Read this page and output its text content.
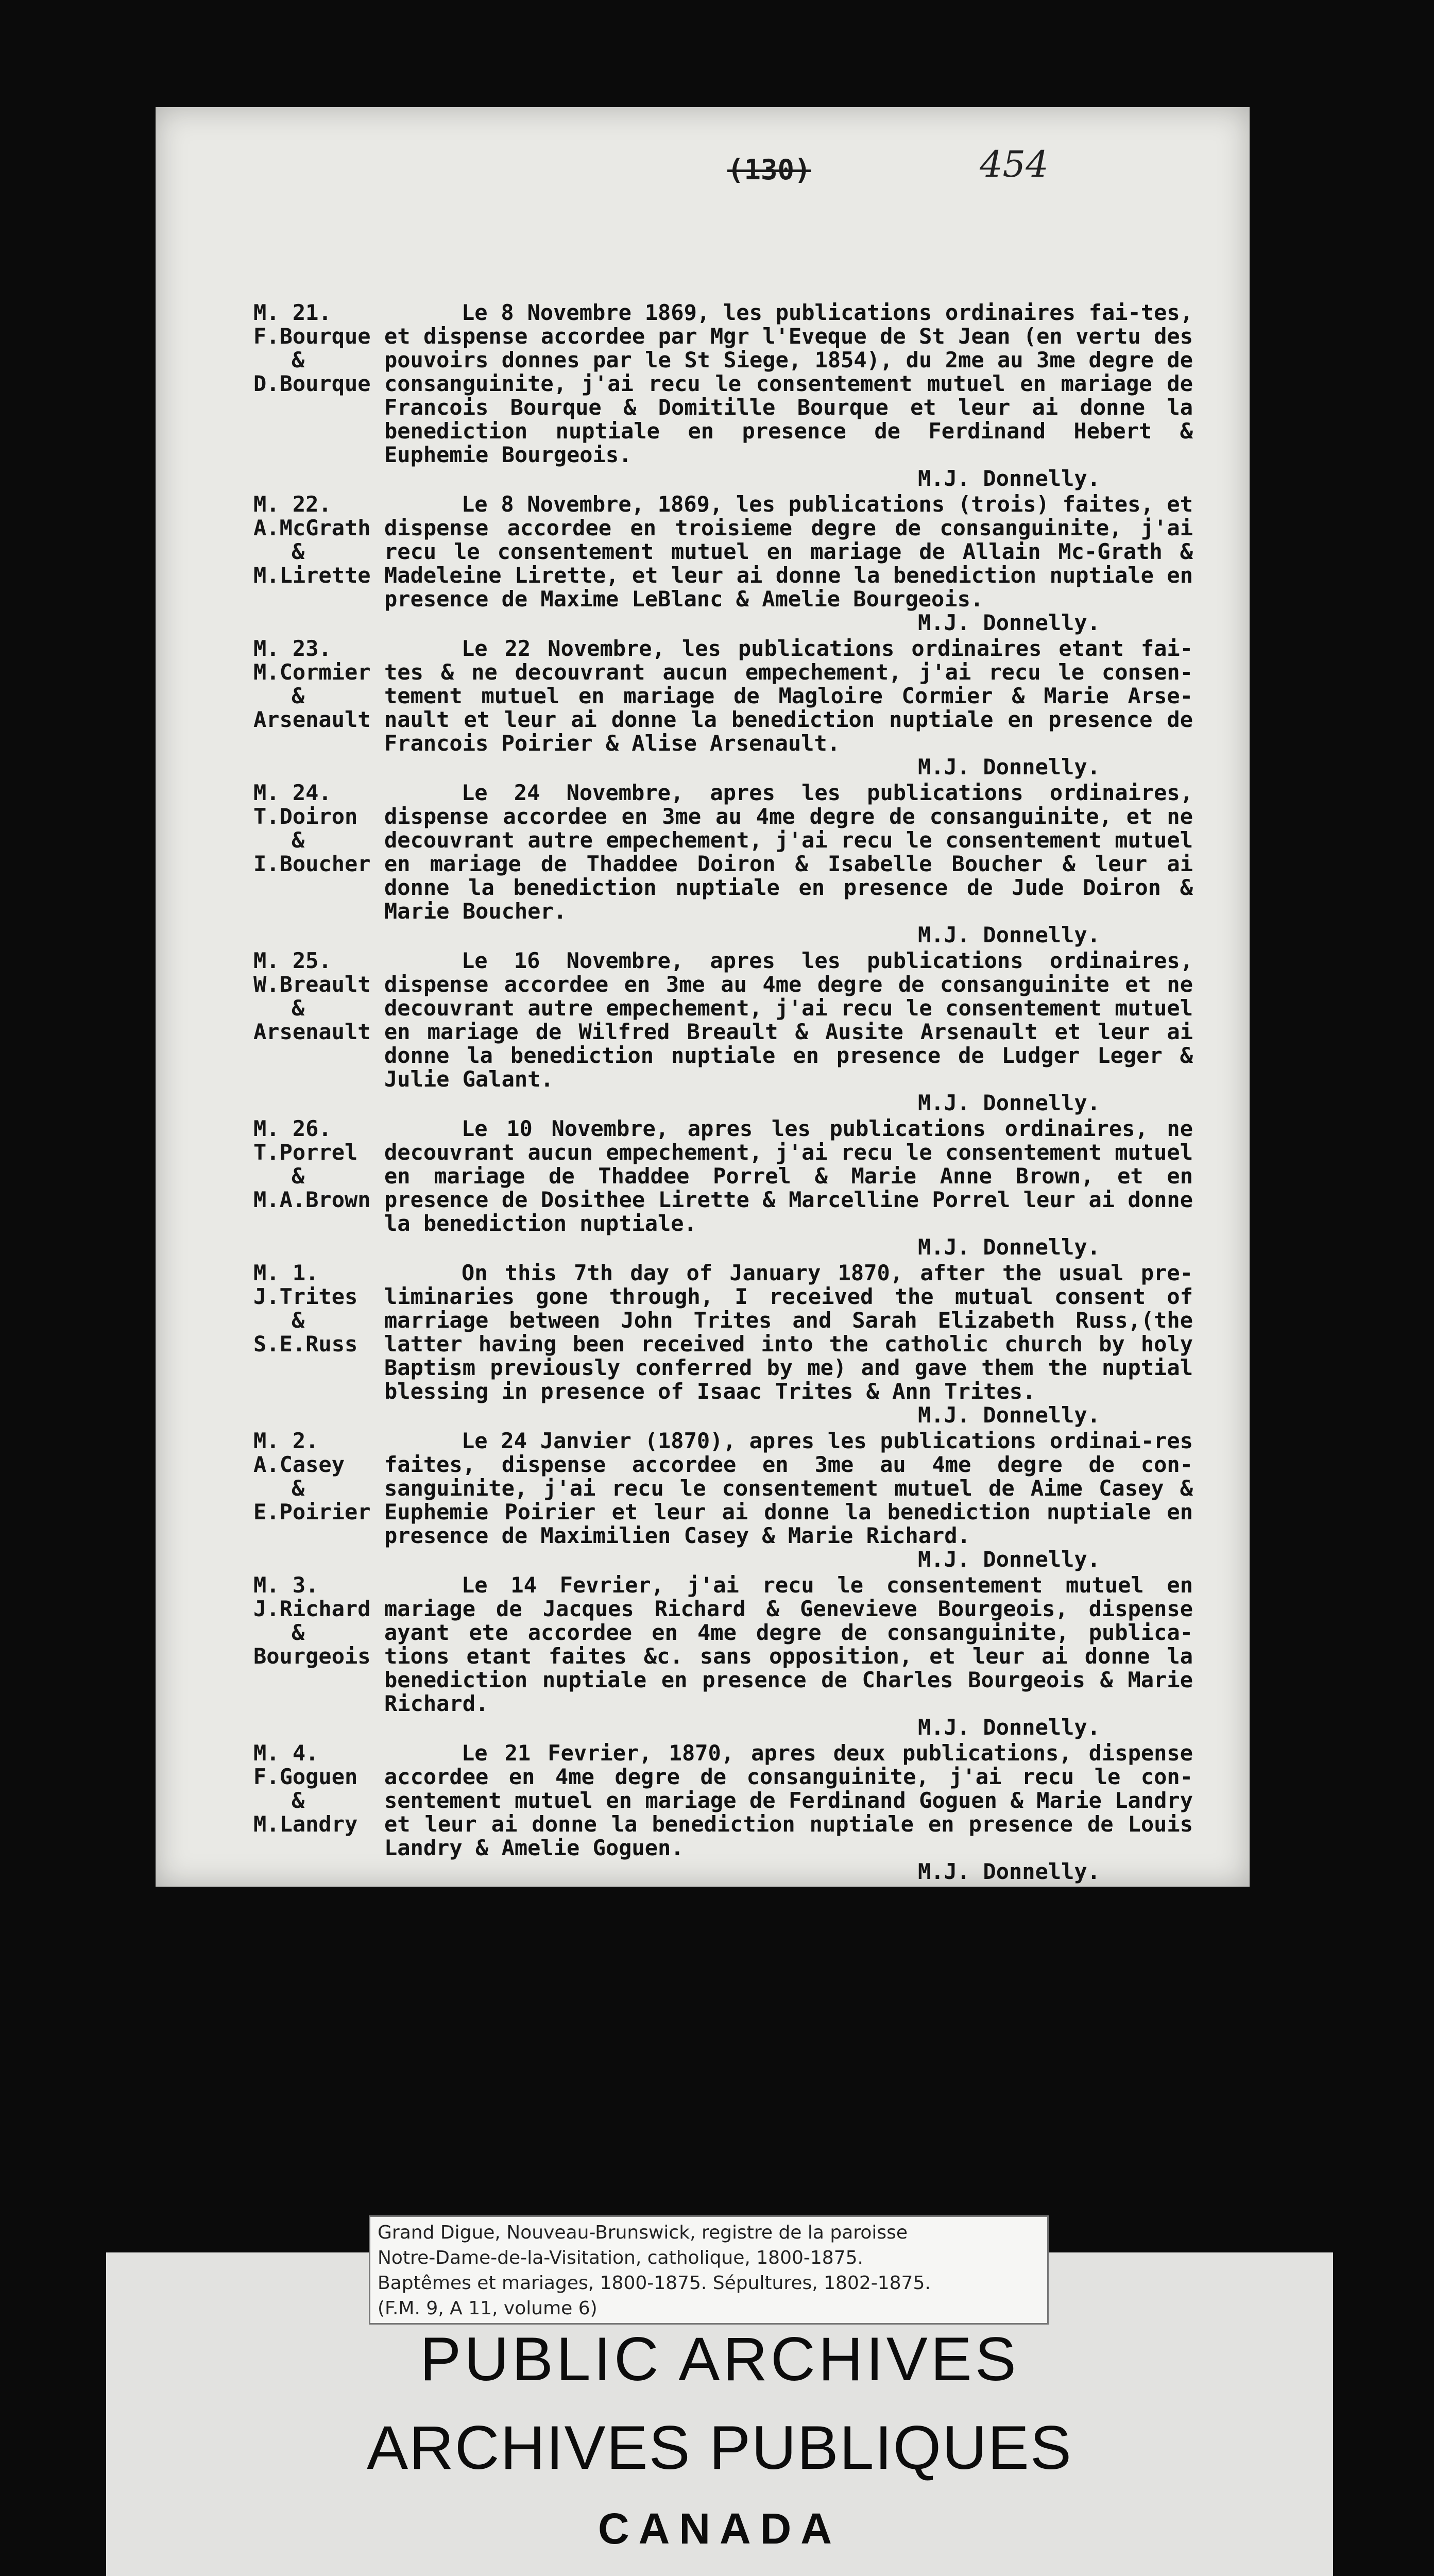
(130)	454
M. 21.
F.Bourque
&
D.Bourque
Le 8 Novembre 1869, les publications ordinaires fai-tes, et dispense accordee par Mgr l'Eveque de St Jean (en vertu des pouvoirs donnes par le St Siege, 1854), du 2me au 3me degre de consanguinite, j'ai recu le consentement mutuel en mariage de Francois Bourque & Domitille Bourque et leur ai donne la benediction nuptiale en presence de Ferdinand Hebert & Euphemie Bourgeois.
M.J. Donnelly.
M. 22.
A.McGrath
&
M.Lirette
Le 8 Novembre, 1869, les publications (trois) faites, et dispense accordee en troisieme degre de consanguinite, j'ai recu le consentement mutuel en mariage de Allain Mc-Grath & Madeleine Lirette, et leur ai donne la benediction nuptiale en presence de Maxime LeBlanc & Amelie Bourgeois.
M.J. Donnelly.
M. 23.
M.Cormier
&
Arsenault
Le 22 Novembre, les publications ordinaires etant fai-tes & ne decouvrant aucun empechement, j'ai recu le consen-tement mutuel en mariage de Magloire Cormier & Marie Arse-nault et leur ai donne la benediction nuptiale en presence de Francois Poirier & Alise Arsenault.
M.J. Donnelly.
M. 24.
T.Doiron
&
I.Boucher
Le 24 Novembre, apres les publications ordinaires, dispense accordee en 3me au 4me degre de consanguinite, et ne decouvrant autre empechement, j'ai recu le consentement mutuel en mariage de Thaddee Doiron & Isabelle Boucher & leur ai donne la benediction nuptiale en presence de Jude Doiron & Marie Boucher.
M.J. Donnelly.
M. 25.
W.Breault
&
Arsenault
Le 16 Novembre, apres les publications ordinaires, dispense accordee en 3me au 4me degre de consanguinite et ne decouvrant autre empechement, j'ai recu le consentement mutuel en mariage de Wilfred Breault & Ausite Arsenault et leur ai donne la benediction nuptiale en presence de Ludger Leger & Julie Galant.
M.J. Donnelly.
M. 26.
T.Porrel
&
M.A.Brown
Le 10 Novembre, apres les publications ordinaires, ne decouvrant aucun empechement, j'ai recu le consentement mutuel en mariage de Thaddee Porrel & Marie Anne Brown, et en presence de Dosithee Lirette & Marcelline Porrel leur ai donne la benediction nuptiale.
M.J. Donnelly.
M. 1.
J.Trites
&
S.E.Russ
On this 7th day of January 1870, after the usual pre-liminaries gone through, I received the mutual consent of marriage between John Trites and Sarah Elizabeth Russ,(the latter having been received into the catholic church by holy Baptism previously conferred by me) and gave them the nuptial blessing in presence of Isaac Trites & Ann Trites.
M.J. Donnelly.
M. 2.
A.Casey
&
E.Poirier
Le 24 Janvier (1870), apres les publications ordinai-res faites, dispense accordee en 3me au 4me degre de con-sanguinite, j'ai recu le consentement mutuel de Aime Casey & Euphemie Poirier et leur ai donne la benediction nuptiale en presence de Maximilien Casey & Marie Richard.
M.J. Donnelly.
M. 3.
J.Richard
&
Bourgeois
Le 14 Fevrier, j'ai recu le consentement mutuel en mariage de Jacques Richard & Genevieve Bourgeois, dispense ayant ete accordee en 4me degre de consanguinite, publica-tions etant faites &c. sans opposition, et leur ai donne la benediction nuptiale en presence de Charles Bourgeois & Marie Richard.
M.J. Donnelly.
M. 4.
F.Goguen
&
M.Landry
Le 21 Fevrier, 1870, apres deux publications, dispense accordee en 4me degre de consanguinite, j'ai recu le con-sentement mutuel en mariage de Ferdinand Goguen & Marie Landry et leur ai donne la benediction nuptiale en presence de Louis Landry & Amelie Goguen.
M.J. Donnelly.
Grand Digue, Nouveau-Brunswick, registre de la paroisse
Notre-Dame-de-la-Visitation, catholique, 1800-1875.
Baptêmes et mariages, 1800-1875. Sépultures, 1802-1875.
(F.M. 9, A 11, volume 6)
PUBLIC ARCHIVES
ARCHIVES PUBLIQUES
CANADA
